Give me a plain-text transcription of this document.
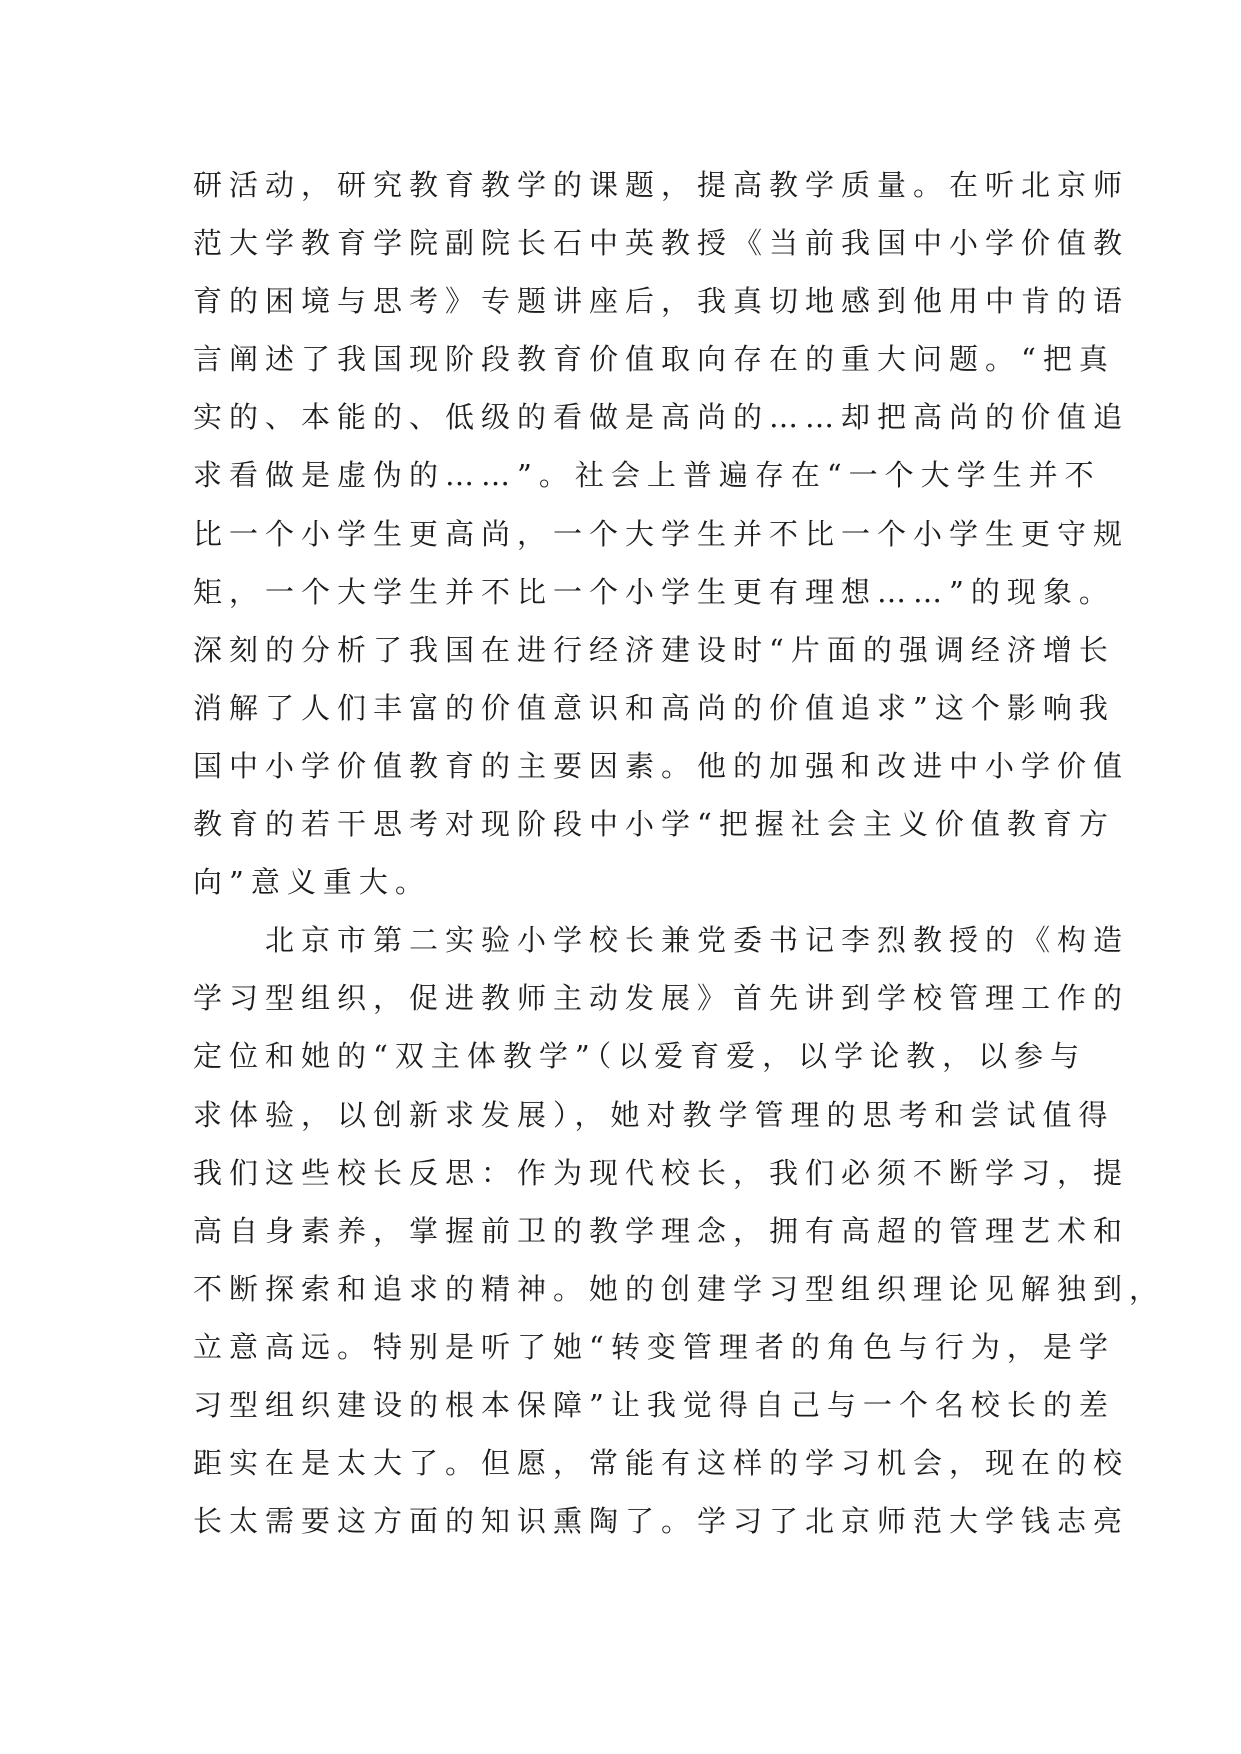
研活动，研究教育教学的课题，提高教学质量。在听北京师
范大学教育学院副院长石中英教授《当前我国中小学价值教
育的困境与思考》专题讲座后，我真切地感到他用中肯的语
言阐述了我国现阶段教育价值取向存在的重大问题。“把真
实的、本能的、低级的看做是高尚的……却把高尚的价值追
求看做是虚伪的……”。社会上普遍存在“一个大学生并不
比一个小学生更高尚，一个大学生并不比一个小学生更守规
矩，一个大学生并不比一个小学生更有理想……”的现象。
深刻的分析了我国在进行经济建设时“片面的强调经济增长
消解了人们丰富的价值意识和高尚的价值追求”这个影响我
国中小学价值教育的主要因素。他的加强和改进中小学价值
教育的若干思考对现阶段中小学“把握社会主义价值教育方
向”意义重大。
　　北京市第二实验小学校长兼党委书记李烈教授的《构造
学习型组织，促进教师主动发展》首先讲到学校管理工作的
定位和她的“双主体教学”（以爱育爱，以学论教，以参与
求体验，以创新求发展），她对教学管理的思考和尝试值得
我们这些校长反思：作为现代校长，我们必须不断学习，提
高自身素养，掌握前卫的教学理念，拥有高超的管理艺术和
不断探索和追求的精神。她的创建学习型组织理论见解独到，
立意高远。特别是听了她“转变管理者的角色与行为，是学
习型组织建设的根本保障”让我觉得自己与一个名校长的差
距实在是太大了。但愿，常能有这样的学习机会，现在的校
长太需要这方面的知识熏陶了。学习了北京师范大学钱志亮
